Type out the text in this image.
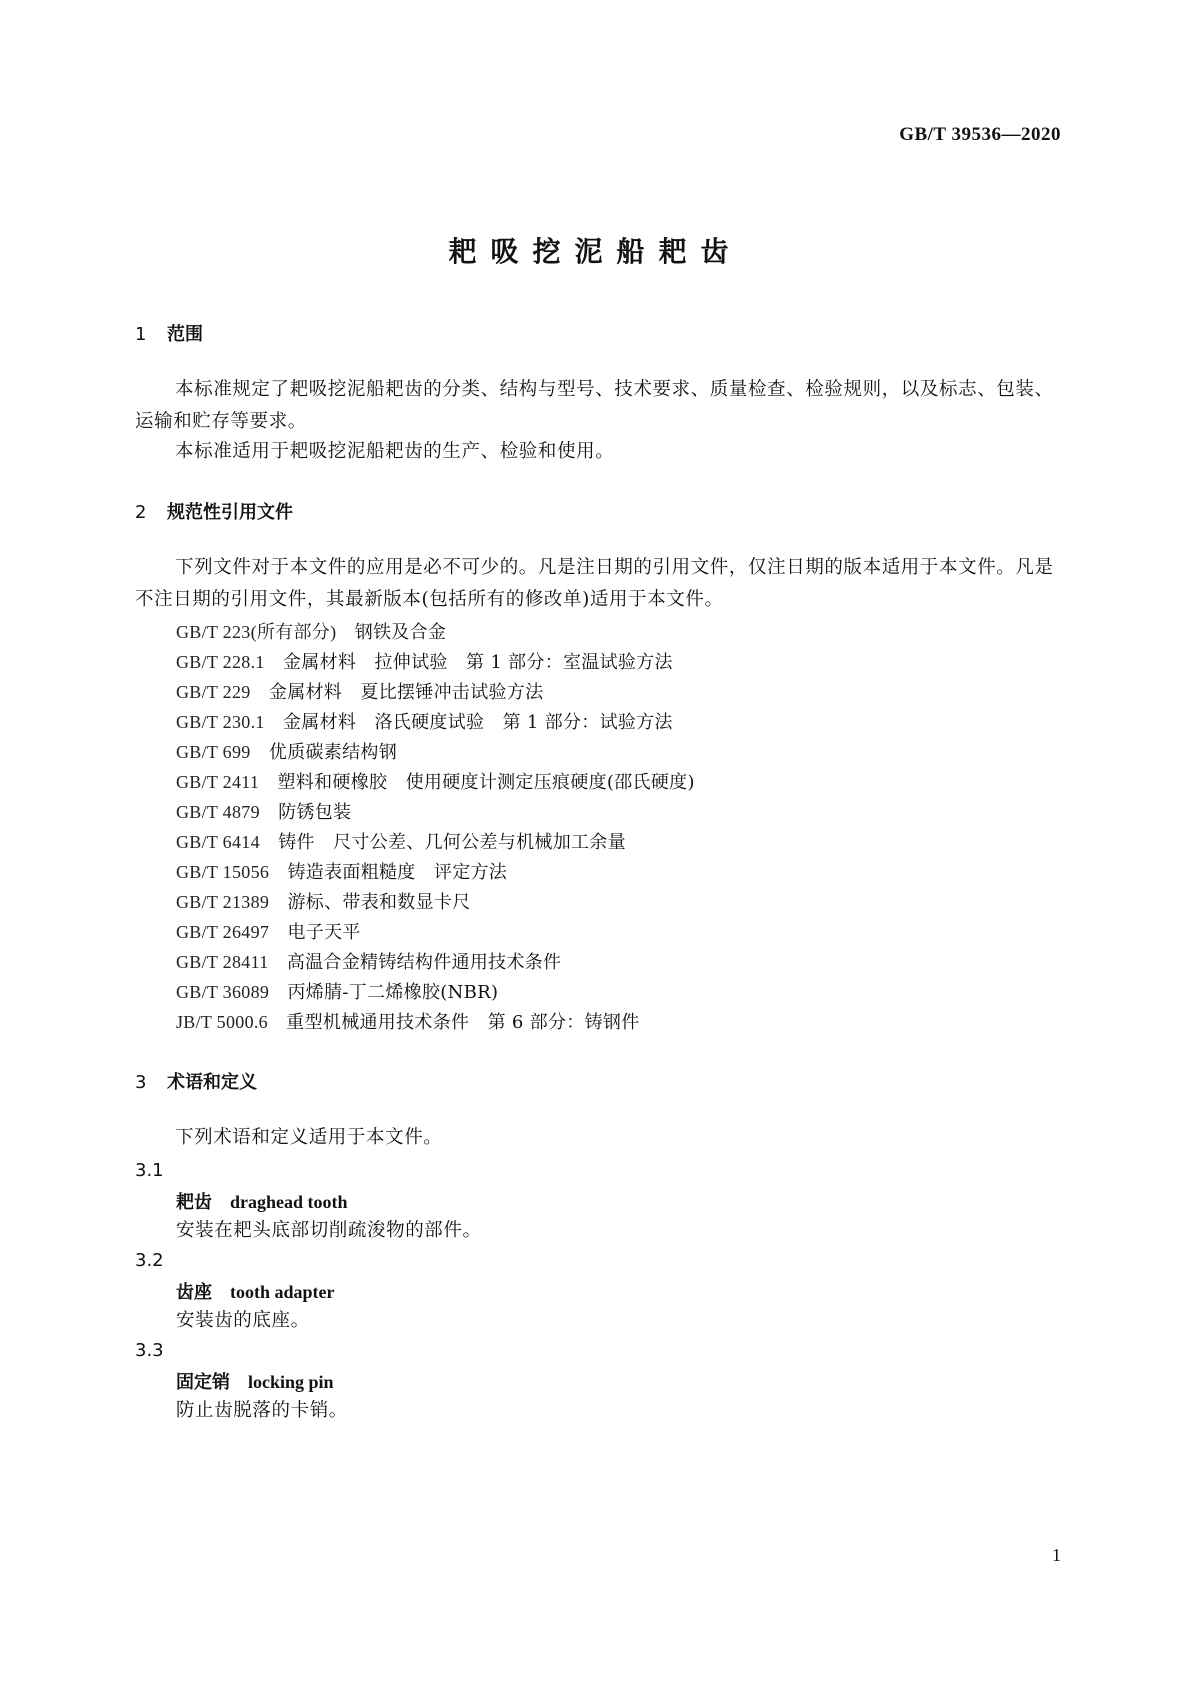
GB/T 39536—2020
耙吸挖泥船耙齿
1 范围
本标准规定了耙吸挖泥船耙齿的分类、结构与型号、技术要求、质量检查、检验规则，以及标志、包装、运输和贮存等要求。
本标准适用于耙吸挖泥船耙齿的生产、检验和使用。
2 规范性引用文件
下列文件对于本文件的应用是必不可少的。凡是注日期的引用文件，仅注日期的版本适用于本文件。凡是不注日期的引用文件，其最新版本(包括所有的修改单)适用于本文件。
GB/T 223(所有部分)　 钢铁及合金
GB/T 228.1　 金属材料　拉伸试验　第 1 部分：室温试验方法
GB/T 229　 金属材料　夏比摆锤冲击试验方法
GB/T 230.1　 金属材料　洛氏硬度试验　第 1 部分：试验方法
GB/T 699　 优质碳素结构钢
GB/T 2411　 塑料和硬橡胶　使用硬度计测定压痕硬度(邵氏硬度)
GB/T 4879　 防锈包装
GB/T 6414　 铸件　尺寸公差、几何公差与机械加工余量
GB/T 15056　 铸造表面粗糙度　评定方法
GB/T 21389　 游标、带表和数显卡尺
GB/T 26497　 电子天平
GB/T 28411　 高温合金精铸结构件通用技术条件
GB/T 36089　 丙烯腈-丁二烯橡胶(NBR)
JB/T 5000.6　 重型机械通用技术条件　第 6 部分：铸钢件
3 术语和定义
下列术语和定义适用于本文件。
3.1
耙齿 draghead tooth
安装在耙头底部切削疏浚物的部件。
3.2
齿座 tooth adapter
安装齿的底座。
3.3
固定销 locking pin
防止齿脱落的卡销。
1
